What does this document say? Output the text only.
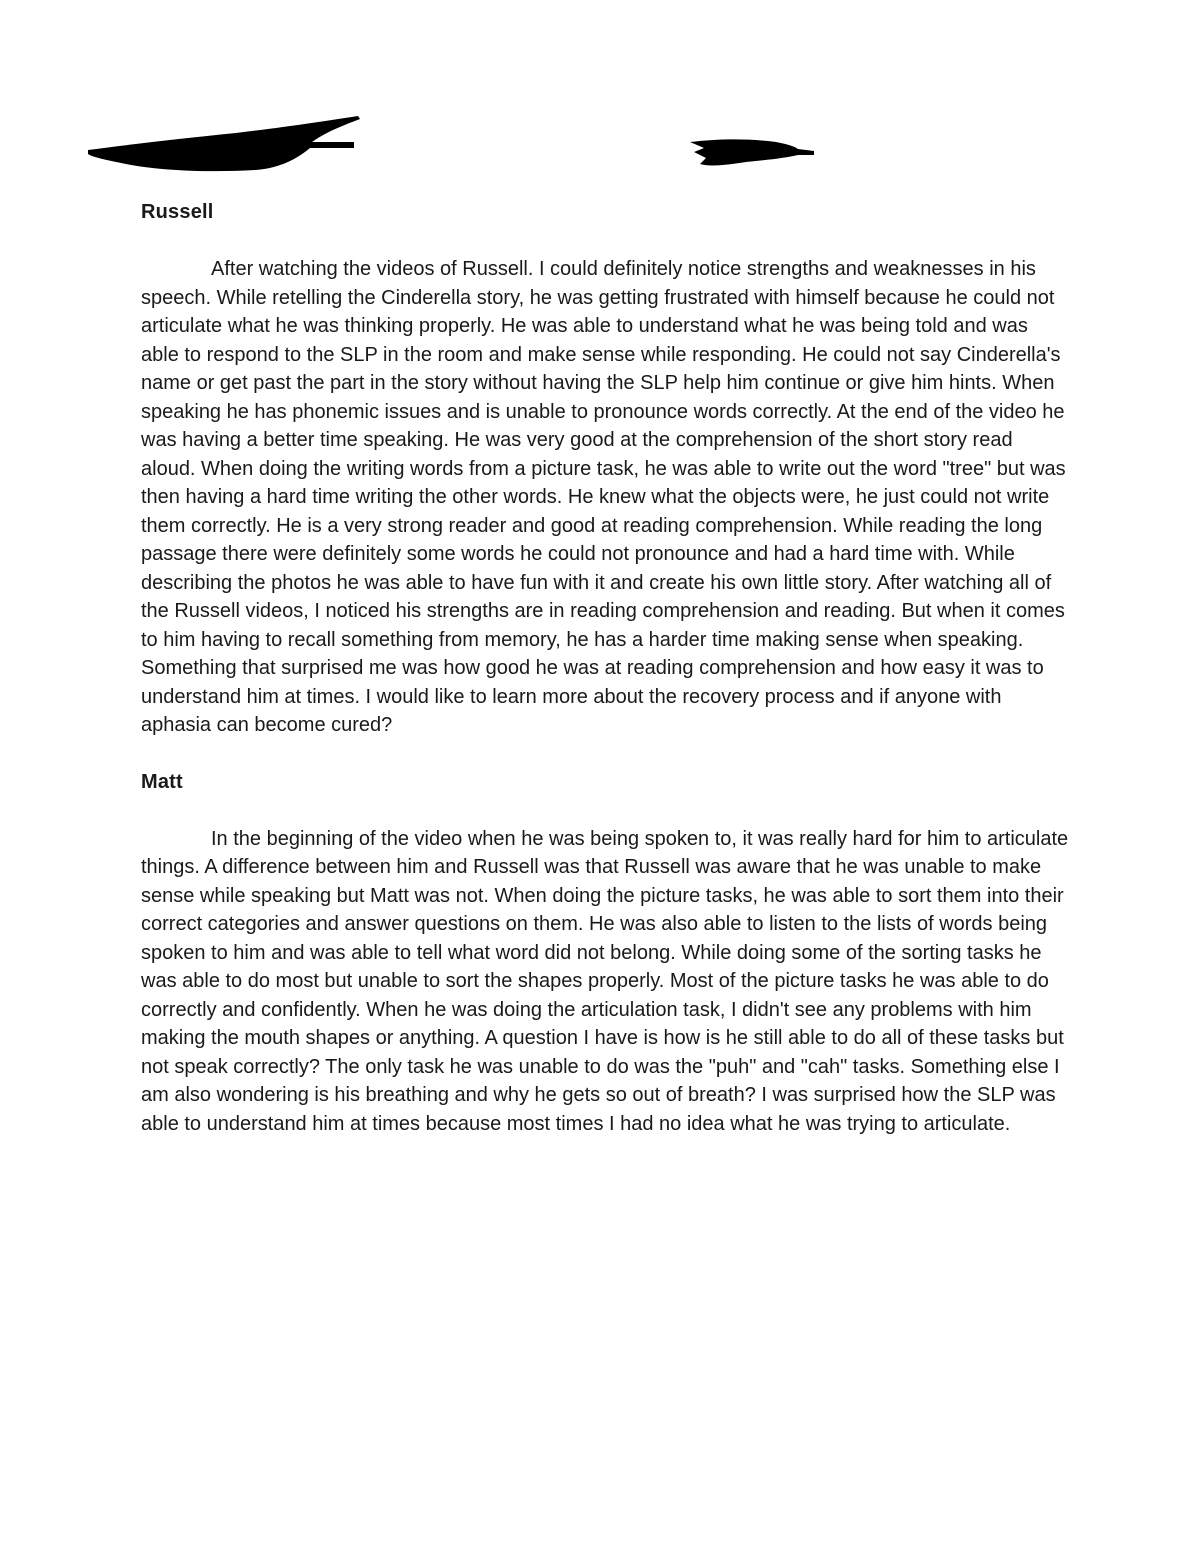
Russell

After watching the videos of Russell. I could definitely notice strengths and weaknesses in his speech. While retelling the Cinderella story, he was getting frustrated with himself because he could not articulate what he was thinking properly. He was able to understand what he was being told and was able to respond to the SLP in the room and make sense while responding. He could not say Cinderella's name or get past the part in the story without having the SLP help him continue or give him hints. When speaking he has phonemic issues and is unable to pronounce words correctly. At the end of the video he was having a better time speaking. He was very good at the comprehension of the short story read aloud. When doing the writing words from a picture task, he was able to write out the word "tree" but was then having a hard time writing the other words. He knew what the objects were, he just could not write them correctly. He is a very strong reader and good at reading comprehension. While reading the long passage there were definitely some words he could not pronounce and had a hard time with. While describing the photos he was able to have fun with it and create his own little story. After watching all of the Russell videos, I noticed his strengths are in reading comprehension and reading. But when it comes to him having to recall something from memory, he has a harder time making sense when speaking. Something that surprised me was how good he was at reading comprehension and how easy it was to understand him at times. I would like to learn more about the recovery process and if anyone with aphasia can become cured?

Matt

In the beginning of the video when he was being spoken to, it was really hard for him to articulate things. A difference between him and Russell was that Russell was aware that he was unable to make sense while speaking but Matt was not. When doing the picture tasks, he was able to sort them into their correct categories and answer questions on them. He was also able to listen to the lists of words being spoken to him and was able to tell what word did not belong. While doing some of the sorting tasks he was able to do most but unable to sort the shapes properly. Most of the picture tasks he was able to do correctly and confidently. When he was doing the articulation task, I didn't see any problems with him making the mouth shapes or anything. A question I have is how is he still able to do all of these tasks but not speak correctly? The only task he was unable to do was the "puh" and "cah" tasks. Something else I am also wondering is his breathing and why he gets so out of breath? I was surprised how the SLP was able to understand him at times because most times I had no idea what he was trying to articulate.
